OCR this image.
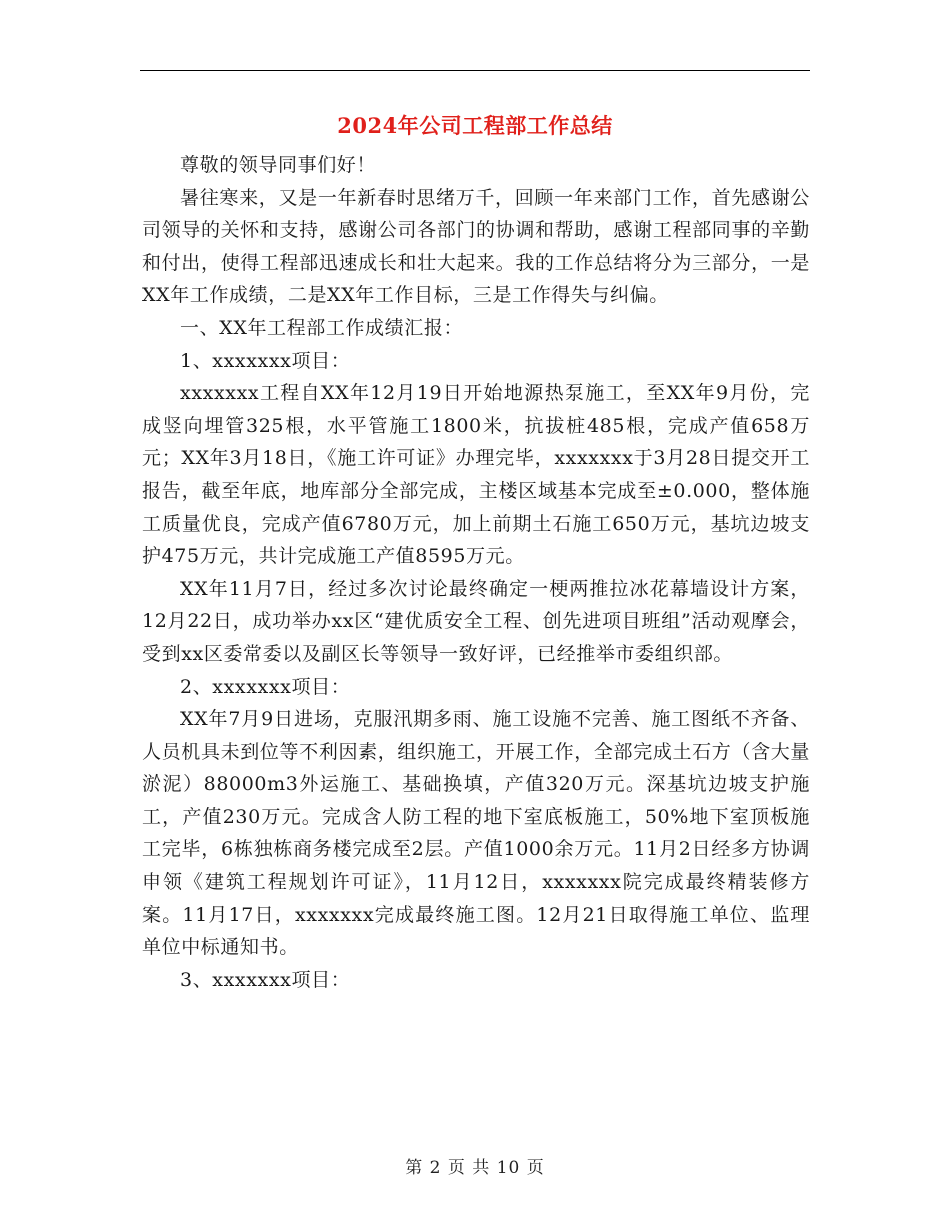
2024年公司工程部工作总结

尊敬的领导同事们好！

暑往寒来，又是一年新春时思绪万千，回顾一年来部门工作，首先感谢公司领导的关怀和支持，感谢公司各部门的协调和帮助，感谢工程部同事的辛勤和付出，使得工程部迅速成长和壮大起来。我的工作总结将分为三部分，一是XX年工作成绩，二是XX年工作目标，三是工作得失与纠偏。

一、XX年工程部工作成绩汇报：

1、xxxxxxx项目：

xxxxxxx工程自XX年12月19日开始地源热泵施工，至XX年9月份，完成竖向埋管325根，水平管施工1800米，抗拔桩485根，完成产值658万元；XX年3月18日，《施工许可证》办理完毕，xxxxxxx于3月28日提交开工报告，截至年底，地库部分全部完成，主楼区域基本完成至±0.000，整体施工质量优良，完成产值6780万元，加上前期土石施工650万元，基坑边坡支护475万元，共计完成施工产值8595万元。

XX年11月7日，经过多次讨论最终确定一梗两推拉冰花幕墙设计方案， 12月22日，成功举办xx区“建优质安全工程、创先进项目班组”活动观摩会，受到xx区委常委以及副区长等领导一致好评，已经推举市委组织部。

2、xxxxxxx项目：

XX年7月9日进场，克服汛期多雨、施工设施不完善、施工图纸不齐备、人员机具未到位等不利因素，组织施工，开展工作，全部完成土石方（含大量淤泥）88000m3外运施工、基础换填，产值320万元。深基坑边坡支护施工，产值230万元。完成含人防工程的地下室底板施工，50%地下室顶板施工完毕，6栋独栋商务楼完成至2层。产值1000余万元。11月2日经多方协调申领《建筑工程规划许可证》，11月12日，xxxxxxx院完成最终精装修方案。11月17日，xxxxxxx完成最终施工图。12月21日取得施工单位、监理单位中标通知书。

3、xxxxxxx项目：

第 2 页 共 10 页
